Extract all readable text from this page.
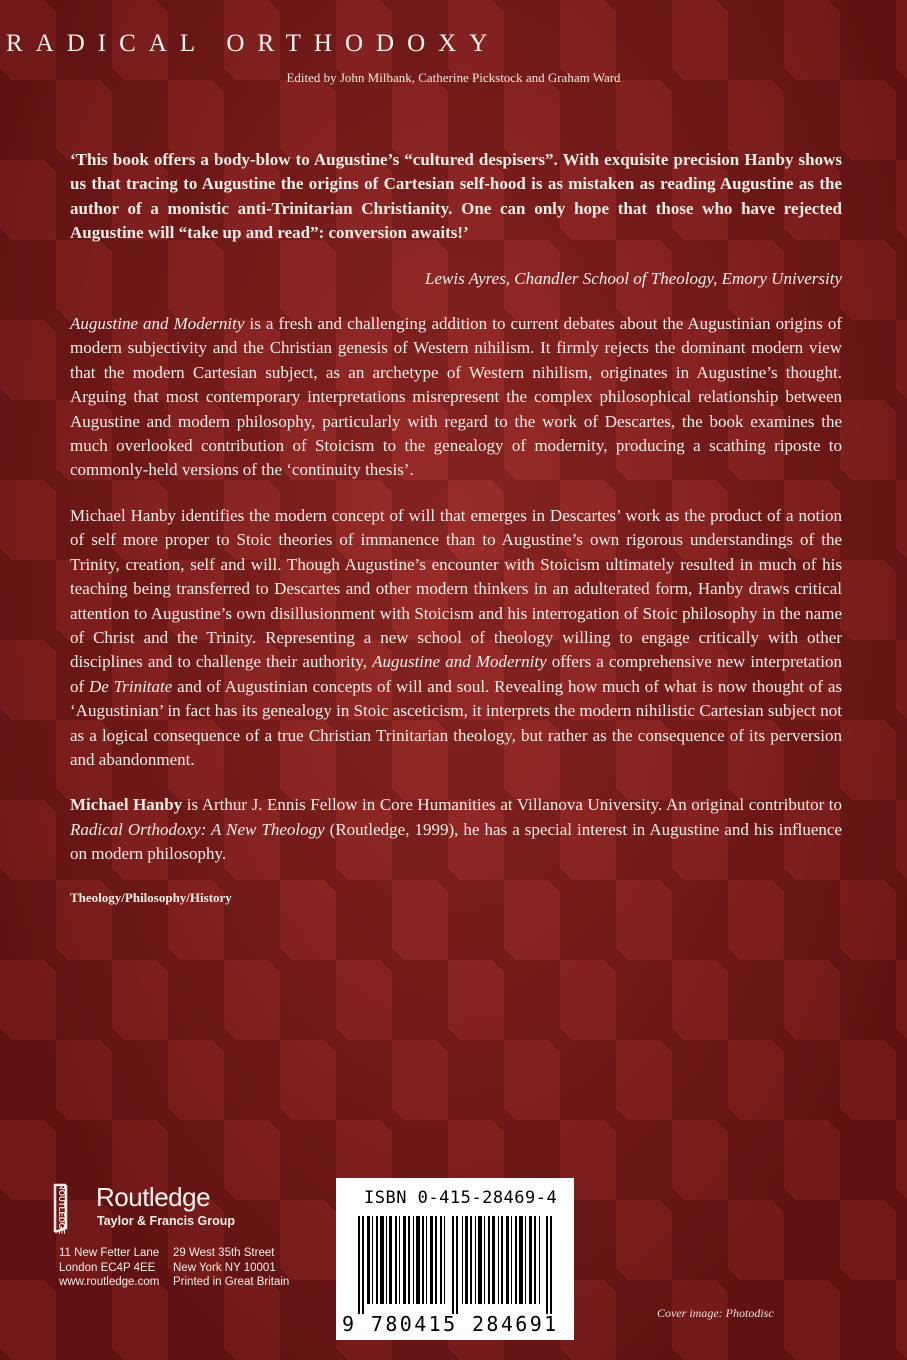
RADICAL ORTHODOXY
Edited by John Milbank, Catherine Pickstock and Graham Ward

‘This book offers a body-blow to Augustine’s “cultured despisers”. With exquisite precision Hanby shows us that tracing to Augustine the origins of Cartesian self-hood is as mistaken as reading Augustine as the author of a monistic anti-Trinitarian Christianity. One can only hope that those who have rejected Augustine will “take up and read”: conversion awaits!’

Lewis Ayres, Chandler School of Theology, Emory University

Augustine and Modernity is a fresh and challenging addition to current debates about the Augustinian origins of modern subjectivity and the Christian genesis of Western nihilism. It firmly rejects the dominant modern view that the modern Cartesian subject, as an archetype of Western nihilism, originates in Augustine’s thought. Arguing that most contemporary interpretations misrepresent the complex philosophical relationship between Augustine and modern philosophy, particularly with regard to the work of Descartes, the book examines the much overlooked contribution of Stoicism to the genealogy of modernity, producing a scathing riposte to commonly-held versions of the ‘continuity thesis’.

Michael Hanby identifies the modern concept of will that emerges in Descartes’ work as the product of a notion of self more proper to Stoic theories of immanence than to Augustine’s own rigorous understandings of the Trinity, creation, self and will. Though Augustine’s encounter with Stoicism ultimately resulted in much of his teaching being transferred to Descartes and other modern thinkers in an adulterated form, Hanby draws critical attention to Augustine’s own disillusionment with Stoicism and his interrogation of Stoic philosophy in the name of Christ and the Trinity. Representing a new school of theology willing to engage critically with other disciplines and to challenge their authority, Augustine and Modernity offers a comprehensive new interpretation of De Trinitate and of Augustinian concepts of will and soul. Revealing how much of what is now thought of as ‘Augustinian’ in fact has its genealogy in Stoic asceticism, it interprets the modern nihilistic Cartesian subject not as a logical consequence of a true Christian Trinitarian theology, but rather as the consequence of its perversion and abandonment.

Michael Hanby is Arthur J. Ennis Fellow in Core Humanities at Villanova University. An original contributor to Radical Orthodoxy: A New Theology (Routledge, 1999), he has a special interest in Augustine and his influence on modern philosophy.

Theology/Philosophy/History
ROUTLEDGE Routledge
Taylor & Francis Group
11 New Fetter Lane
London EC4P 4EE
www.routledge.com
29 West 35th Street
New York NY 10001
Printed in Great Britain
ISBN 0-415-28469-4
9 780415 284691	Cover image: Photodisc
